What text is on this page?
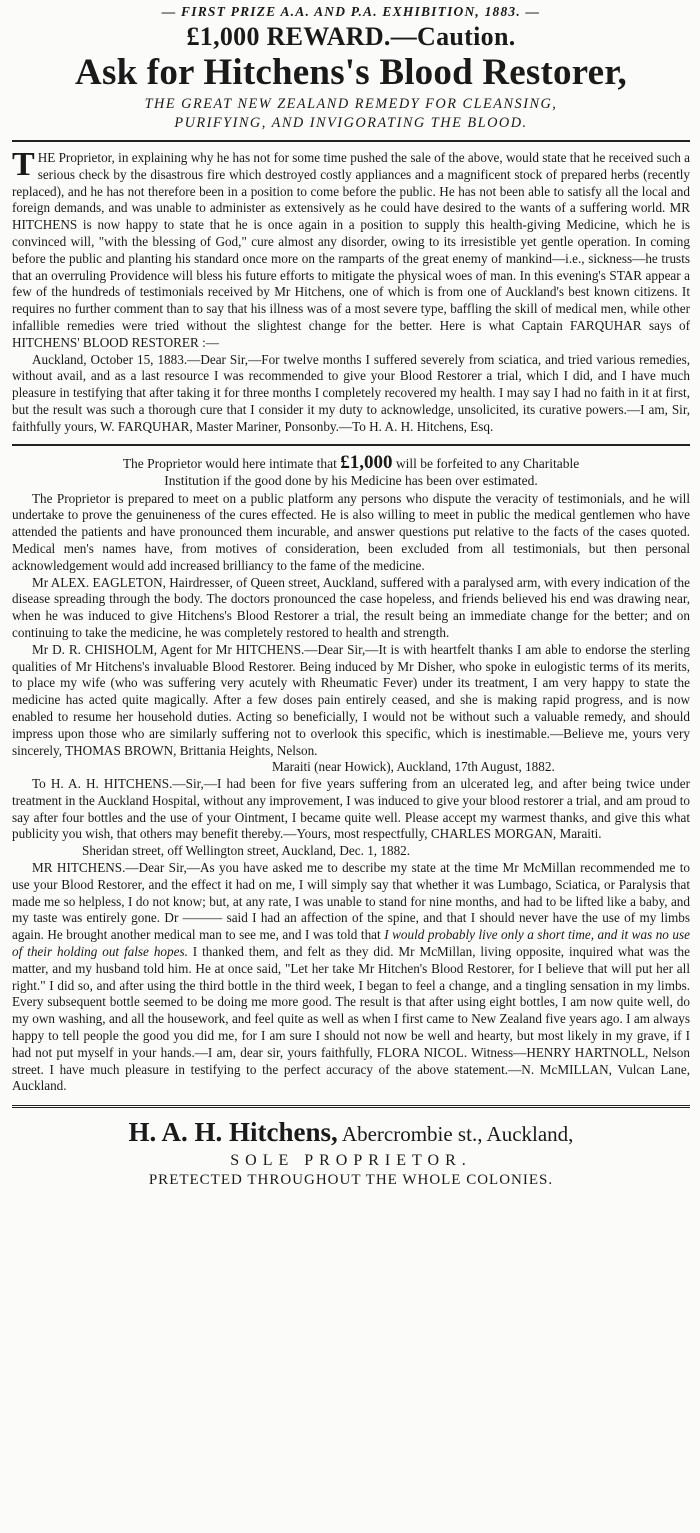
— FIRST PRIZE A.A. AND P.A. EXHIBITION, 1883. —
£1,000 REWARD.—Caution.
Ask for Hitchens's Blood Restorer,
THE GREAT NEW ZEALAND REMEDY FOR CLEANSING,
PURIFYING, AND INVIGORATING THE BLOOD.

THE Proprietor, in explaining why he has not for some time pushed the sale of the above, would state that he received such a serious check by the disastrous fire which destroyed costly appliances and a magnificent stock of prepared herbs (recently replaced), and he has not therefore been in a position to come before the public. He has not been able to satisfy all the local and foreign demands, and was unable to administer as extensively as he could have desired to the wants of a suffering world. MR HITCHENS is now happy to state that he is once again in a position to supply this health-giving Medicine, which he is convinced will, "with the blessing of God," cure almost any disorder, owing to its irresistible yet gentle operation. In coming before the public and planting his standard once more on the ramparts of the great enemy of mankind—i.e., sickness—he trusts that an overruling Providence will bless his future efforts to mitigate the physical woes of man. In this evening's STAR appear a few of the hundreds of testimonials received by Mr Hitchens, one of which is from one of Auckland's best known citizens. It requires no further comment than to say that his illness was of a most severe type, baffling the skill of medical men, while other infallible remedies were tried without the slightest change for the better. Here is what Captain FARQUHAR says of HITCHENS' BLOOD RESTORER :—

Auckland, October 15, 1883.—Dear Sir,—For twelve months I suffered severely from sciatica, and tried various remedies, without avail, and as a last resource I was recommended to give your Blood Restorer a trial, which I did, and I have much pleasure in testifying that after taking it for three months I completely recovered my health. I may say I had no faith in it at first, but the result was such a thorough cure that I consider it my duty to acknowledge, unsolicited, its curative powers.—I am, Sir, faithfully yours, W. FARQUHAR, Master Mariner, Ponsonby.—To H. A. H. Hitchens, Esq.

The Proprietor would here intimate that £1,000 will be forfeited to any Charitable
Institution if the good done by his Medicine has been over estimated.

The Proprietor is prepared to meet on a public platform any persons who dispute the veracity of testimonials, and he will undertake to prove the genuineness of the cures effected. He is also willing to meet in public the medical gentlemen who have attended the patients and have pronounced them incurable, and answer questions put relative to the facts of the cases quoted. Medical men's names have, from motives of consideration, been excluded from all testimonials, but then personal acknowledgement would add increased brilliancy to the fame of the medicine.

Mr ALEX. EAGLETON, Hairdresser, of Queen street, Auckland, suffered with a paralysed arm, with every indication of the disease spreading through the body. The doctors pronounced the case hopeless, and friends believed his end was drawing near, when he was induced to give Hitchens's Blood Restorer a trial, the result being an immediate change for the better; and on continuing to take the medicine, he was completely restored to health and strength.

Mr D. R. CHISHOLM, Agent for Mr HITCHENS.—Dear Sir,—It is with heartfelt thanks I am able to endorse the sterling qualities of Mr Hitchens's invaluable Blood Restorer. Being induced by Mr Disher, who spoke in eulogistic terms of its merits, to place my wife (who was suffering very acutely with Rheumatic Fever) under its treatment, I am very happy to state the medicine has acted quite magically. After a few doses pain entirely ceased, and she is making rapid progress, and is now enabled to resume her household duties. Acting so beneficially, I would not be without such a valuable remedy, and should impress upon those who are similarly suffering not to overlook this specific, which is inestimable.—Believe me, yours very sincerely, THOMAS BROWN, Brittania Heights, Nelson.

Maraiti (near Howick), Auckland, 17th August, 1882.

To H. A. H. HITCHENS.—Sir,—I had been for five years suffering from an ulcerated leg, and after being twice under treatment in the Auckland Hospital, without any improvement, I was induced to give your blood restorer a trial, and am proud to say after four bottles and the use of your Ointment, I became quite well. Please accept my warmest thanks, and give this what publicity you wish, that others may benefit thereby.—Yours, most respectfully, CHARLES MORGAN, Maraiti.

Sheridan street, off Wellington street, Auckland, Dec. 1, 1882.

MR HITCHENS.—Dear Sir,—As you have asked me to describe my state at the time Mr McMillan recommended me to use your Blood Restorer, and the effect it had on me, I will simply say that whether it was Lumbago, Sciatica, or Paralysis that made me so helpless, I do not know; but, at any rate, I was unable to stand for nine months, and had to be lifted like a baby, and my taste was entirely gone. Dr ——— said I had an affection of the spine, and that I should never have the use of my limbs again. He brought another medical man to see me, and I was told that I would probably live only a short time, and it was no use of their holding out false hopes. I thanked them, and felt as they did. Mr McMillan, living opposite, inquired what was the matter, and my husband told him. He at once said, "Let her take Mr Hitchen's Blood Restorer, for I believe that will put her all right." I did so, and after using the third bottle in the third week, I began to feel a change, and a tingling sensation in my limbs. Every subsequent bottle seemed to be doing me more good. The result is that after using eight bottles, I am now quite well, do my own washing, and all the housework, and feel quite as well as when I first came to New Zealand five years ago. I am always happy to tell people the good you did me, for I am sure I should not now be well and hearty, but most likely in my grave, if I had not put myself in your hands.—I am, dear sir, yours faithfully, FLORA NICOL. Witness—HENRY HARTNOLL, Nelson street. I have much pleasure in testifying to the perfect accuracy of the above statement.—N. McMILLAN, Vulcan Lane, Auckland.

H. A. H. Hitchens, Abercrombie st., Auckland,
SOLE PROPRIETOR.
PRETECTED THROUGHOUT THE WHOLE COLONIES.
